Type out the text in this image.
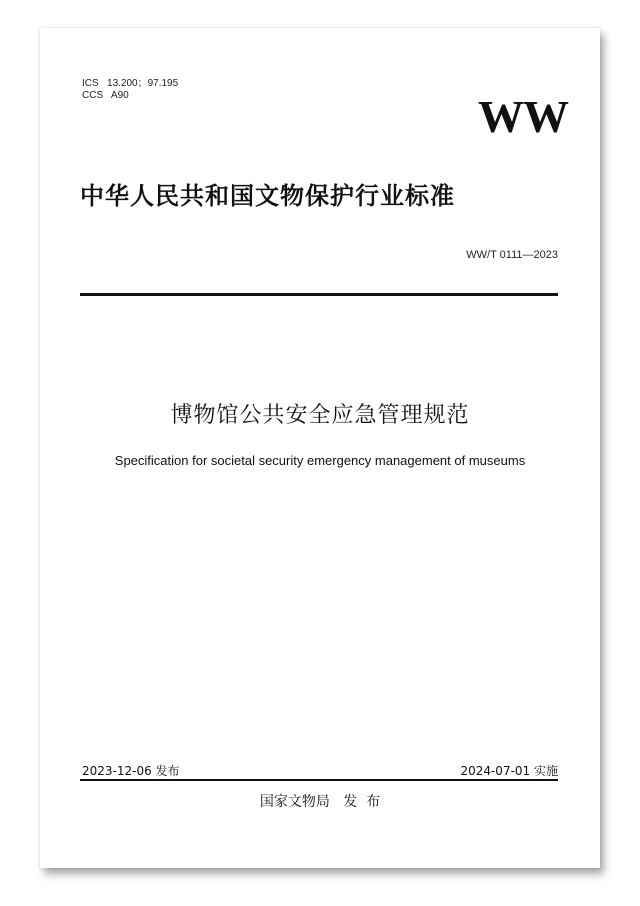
ICS   13.200；97.195
CCS   A90	WW
中华人民共和国文物保护行业标准
WW/T 0111—2023
博物馆公共安全应急管理规范
Specification for societal security emergency management of museums
2023-12-06 发布	2024-07-01 实施
国家文物局   发  布
